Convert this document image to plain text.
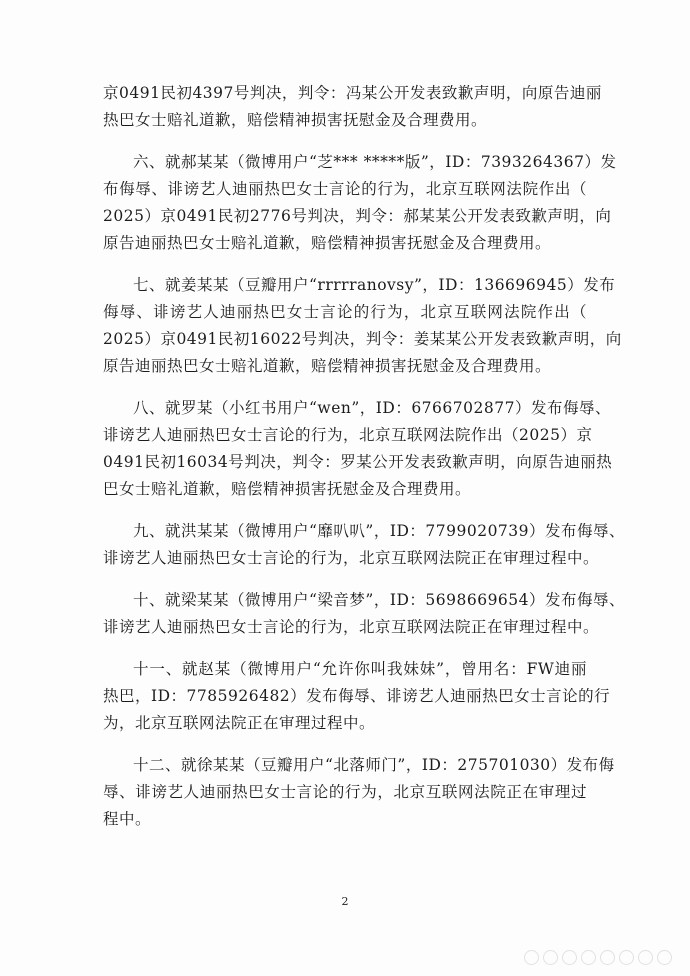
京0491民初4397号判决，判令：冯某公开发表致歉声明，向原告迪丽
热巴女士赔礼道歉，赔偿精神损害抚慰金及合理费用。

六、就郝某某（微博用户“芝*** *****版”，ID：7393264367）发
布侮辱、诽谤艺人迪丽热巴女士言论的行为，北京互联网法院作出（
2025）京0491民初2776号判决，判令：郝某某公开发表致歉声明，向
原告迪丽热巴女士赔礼道歉，赔偿精神损害抚慰金及合理费用。

七、就姜某某（豆瓣用户“rrrrranovsy”，ID：136696945）发布
侮辱、诽谤艺人迪丽热巴女士言论的行为，北京互联网法院作出（
2025）京0491民初16022号判决，判令：姜某某公开发表致歉声明，向
原告迪丽热巴女士赔礼道歉，赔偿精神损害抚慰金及合理费用。

八、就罗某（小红书用户“wen”，ID：6766702877）发布侮辱、
诽谤艺人迪丽热巴女士言论的行为，北京互联网法院作出（2025）京
0491民初16034号判决，判令：罗某公开发表致歉声明，向原告迪丽热
巴女士赔礼道歉，赔偿精神损害抚慰金及合理费用。

九、就洪某某（微博用户“靡叭叭”，ID：7799020739）发布侮辱、
诽谤艺人迪丽热巴女士言论的行为，北京互联网法院正在审理过程中。

十、就梁某某（微博用户“梁音梦”，ID：5698669654）发布侮辱、
诽谤艺人迪丽热巴女士言论的行为，北京互联网法院正在审理过程中。

十一、就赵某（微博用户“允许你叫我妹妹”，曾用名：FW迪丽
热巴，ID：7785926482）发布侮辱、诽谤艺人迪丽热巴女士言论的行
为，北京互联网法院正在审理过程中。

十二、就徐某某（豆瓣用户“北落师门”，ID：275701030）发布侮
辱、诽谤艺人迪丽热巴女士言论的行为，北京互联网法院正在审理过
程中。

2
